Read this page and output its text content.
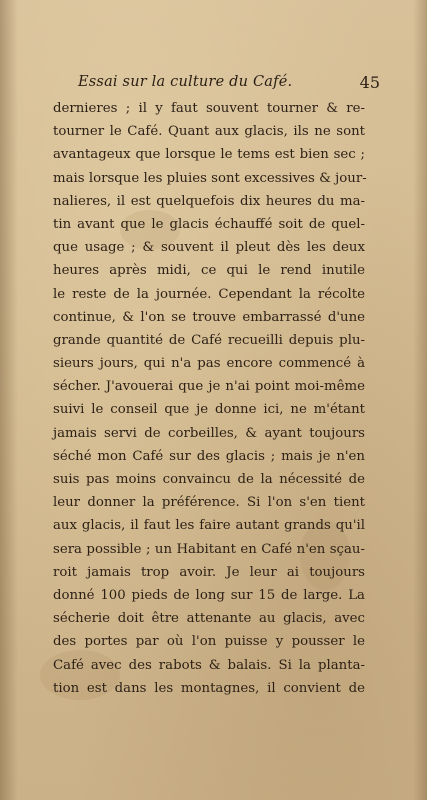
Essai sur la culture du Café.	45
dernieres ; il y faut souvent tourner & re-
tourner le Café. Quant aux glacis, ils ne sont
avantageux que lorsque le tems est bien sec ;
mais lorsque les pluies sont excessives & jour-
nalieres, il est quelquefois dix heures du ma-
tin avant que le glacis échauffé soit de quel-
que usage ; & souvent il pleut dès les deux
heures après midi, ce qui le rend inutile
le reste de la journée. Cependant la récolte
continue, & l'on se trouve embarrassé d'une
grande quantité de Café recueilli depuis plu-
sieurs jours, qui n'a pas encore commencé à
sécher. J'avouerai que je n'ai point moi-même
suivi le conseil que je donne ici, ne m'étant
jamais servi de corbeilles, & ayant toujours
séché mon Café sur des glacis ; mais je n'en
suis pas moins convaincu de la nécessité de
leur donner la préférence. Si l'on s'en tient
aux glacis, il faut les faire autant grands qu'il
sera possible ; un Habitant en Café n'en sçau-
roit jamais trop avoir. Je leur ai toujours
donné 100 pieds de long sur 15 de large. La
sécherie doit être attenante au glacis, avec
des portes par où l'on puisse y pousser le
Café avec des rabots & balais. Si la planta-
tion est dans les montagnes, il convient de
